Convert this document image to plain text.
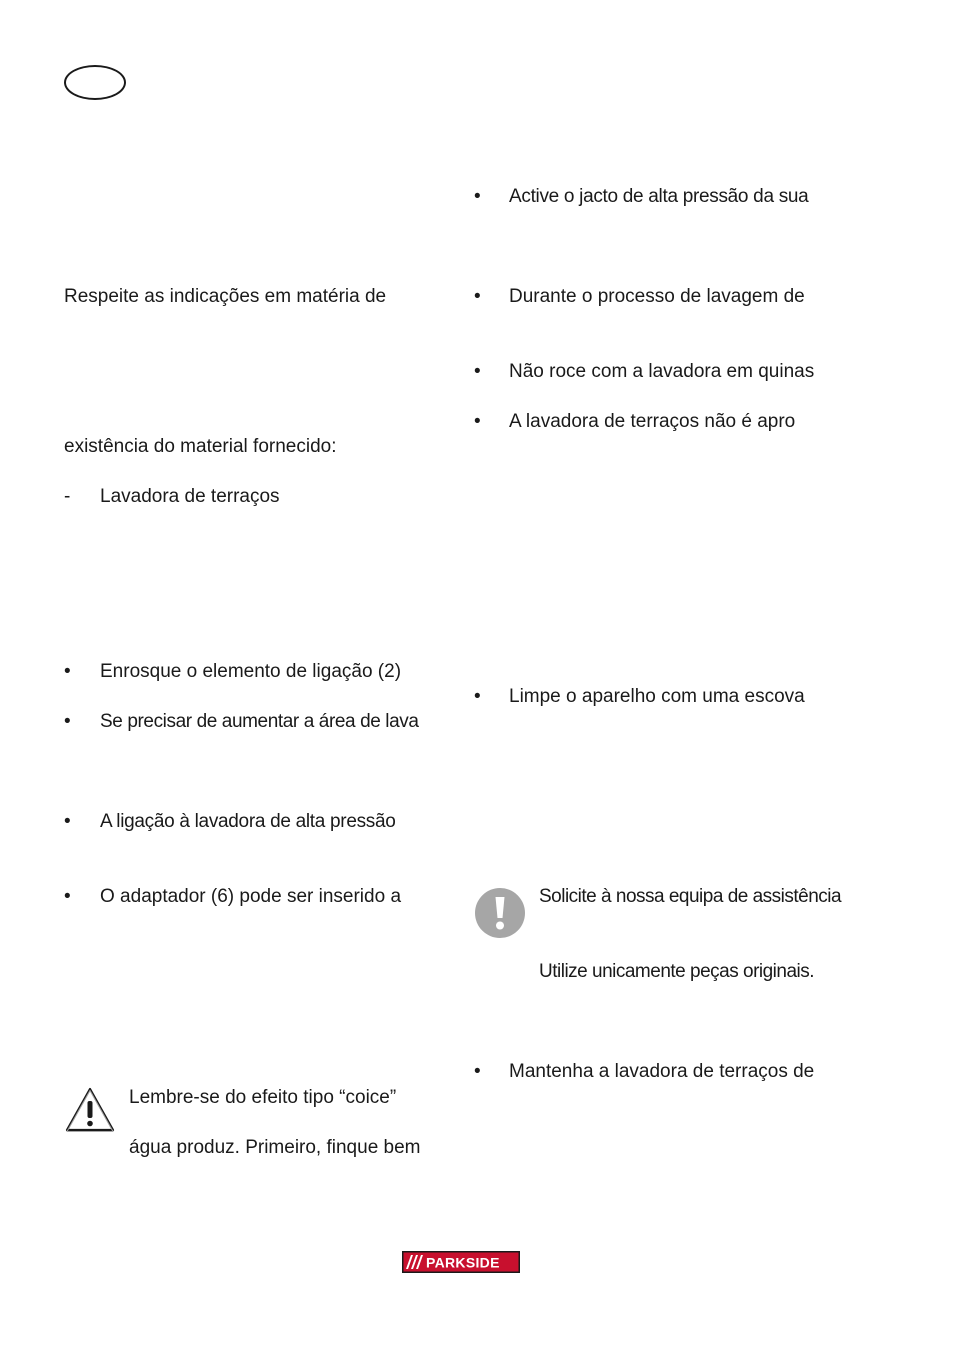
Respeite as indicações em matéria de
existência do material fornecido:
- Lavadora de terraços
• Enrosque o elemento de ligação (2)
• Se precisar de aumentar a área de lava
• A ligação à lavadora de alta pressão
• O adaptador (6) pode ser inserido a
Lembre-se do efeito tipo “coice”
água produz. Primeiro, finque bem
• Active o jacto de alta pressão da sua
• Durante o processo de lavagem de
• Não roce com a lavadora em quinas
• A lavadora de terraços não é apro
• Limpe o aparelho com uma escova
Solicite à nossa equipa de assistência
Utilize unicamente peças originais.
• Mantenha a lavadora de terraços de
PARKSIDE
